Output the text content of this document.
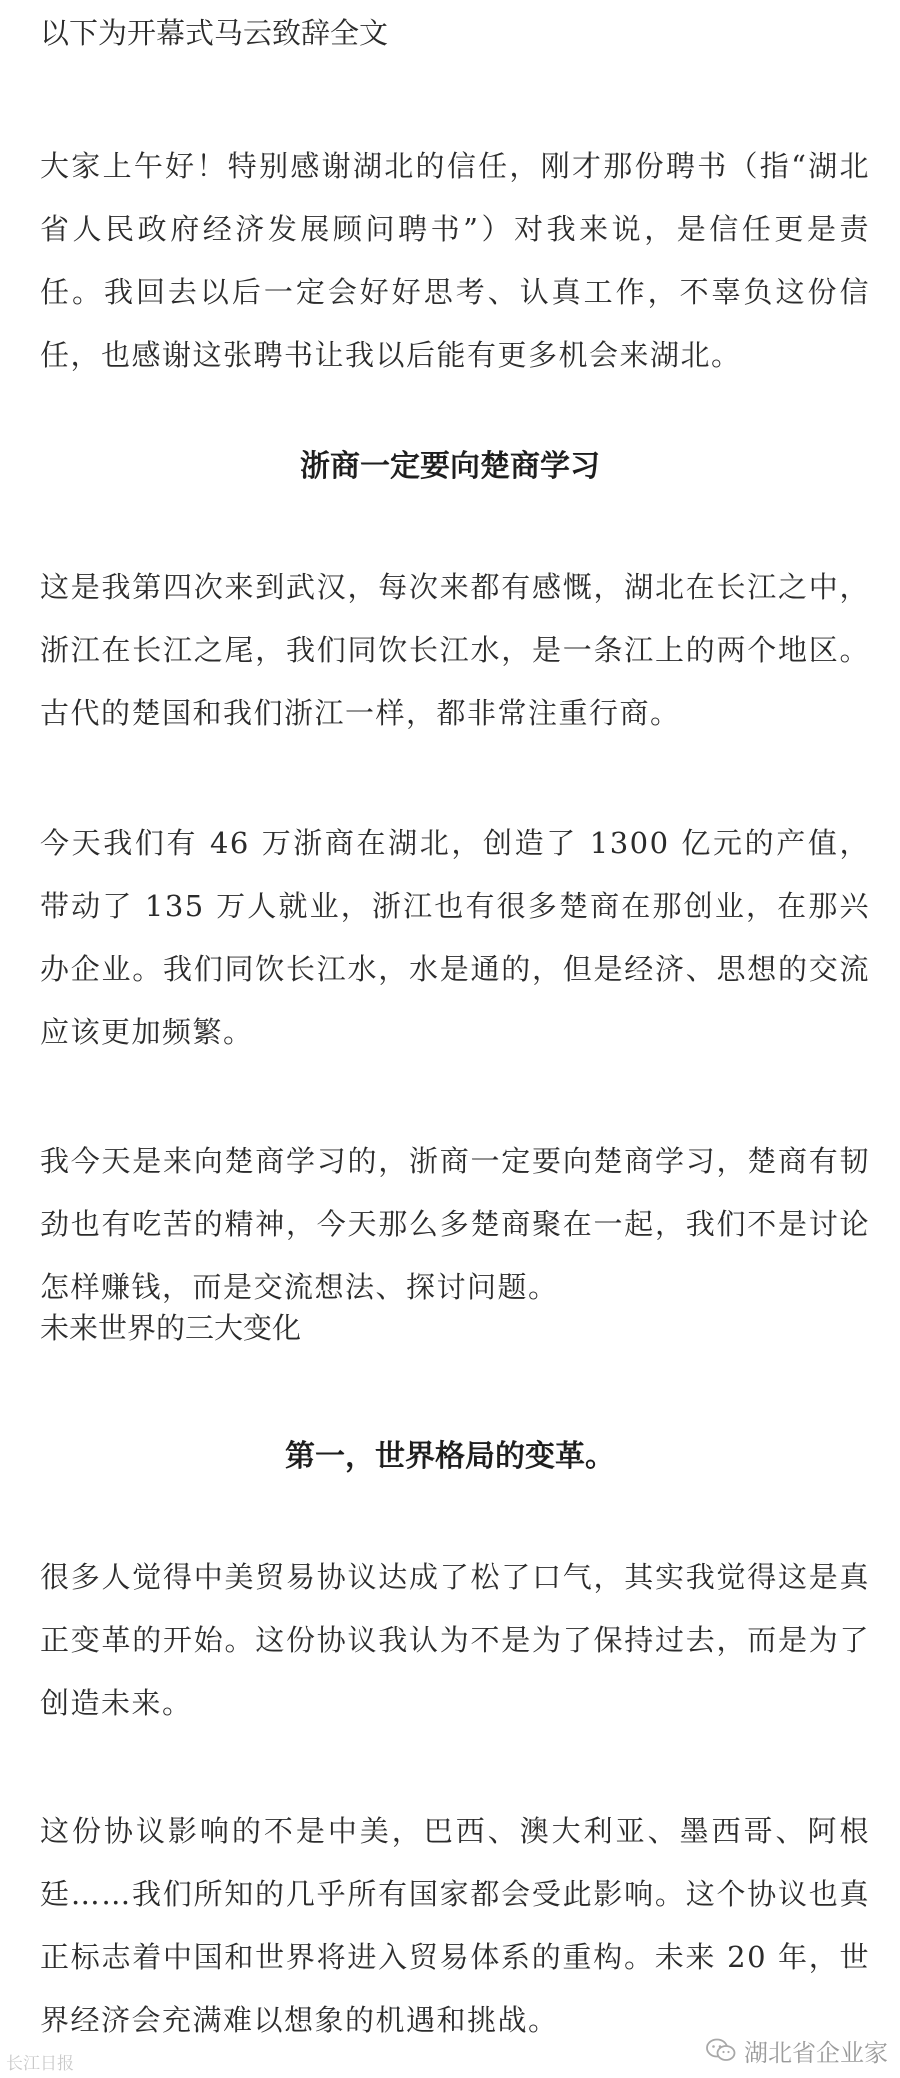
以下为开幕式马云致辞全文
大家上午好！特别感谢湖北的信任，刚才那份聘书（指“湖北省人民政府经济发展顾问聘书”）对我来说，是信任更是责任。我回去以后一定会好好思考、认真工作，不辜负这份信任，也感谢这张聘书让我以后能有更多机会来湖北。
浙商一定要向楚商学习
这是我第四次来到武汉，每次来都有感慨，湖北在长江之中，浙江在长江之尾，我们同饮长江水，是一条江上的两个地区。古代的楚国和我们浙江一样，都非常注重行商。
今天我们有 46 万浙商在湖北，创造了 1300 亿元的产值，带动了 135 万人就业，浙江也有很多楚商在那创业，在那兴办企业。我们同饮长江水，水是通的，但是经济、思想的交流应该更加频繁。
我今天是来向楚商学习的，浙商一定要向楚商学习，楚商有韧劲也有吃苦的精神，今天那么多楚商聚在一起，我们不是讨论怎样赚钱，而是交流想法、探讨问题。
未来世界的三大变化
第一，世界格局的变革。
很多人觉得中美贸易协议达成了松了口气，其实我觉得这是真正变革的开始。这份协议我认为不是为了保持过去，而是为了创造未来。
这份协议影响的不是中美，巴西、澳大利亚、墨西哥、阿根廷……我们所知的几乎所有国家都会受此影响。这个协议也真正标志着中国和世界将进入贸易体系的重构。未来 20 年，世界经济会充满难以想象的机遇和挑战。
长江日报	湖北省企业家
